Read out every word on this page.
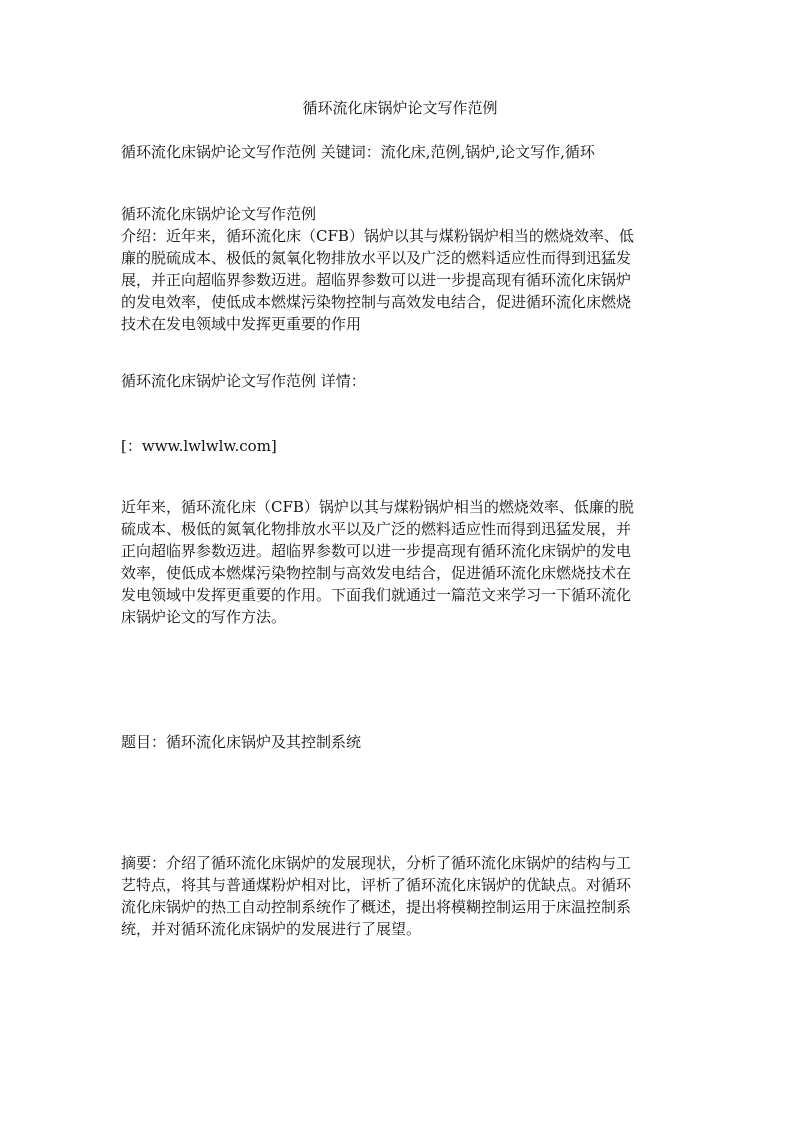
循环流化床锅炉论文写作范例
循环流化床锅炉论文写作范例 关键词：流化床,范例,锅炉,论文写作,循环
循环流化床锅炉论文写作范例
介绍：近年来，循环流化床（CFB）锅炉以其与煤粉锅炉相当的燃烧效率、低
廉的脱硫成本、极低的氮氧化物排放水平以及广泛的燃料适应性而得到迅猛发
展，并正向超临界参数迈进。超临界参数可以进一步提高现有循环流化床锅炉
的发电效率，使低成本燃煤污染物控制与高效发电结合，促进循环流化床燃烧
技术在发电领域中发挥更重要的作用
循环流化床锅炉论文写作范例 详情：
[：www.lwlwlw.com]
近年来，循环流化床（CFB）锅炉以其与煤粉锅炉相当的燃烧效率、低廉的脱
硫成本、极低的氮氧化物排放水平以及广泛的燃料适应性而得到迅猛发展，并
正向超临界参数迈进。超临界参数可以进一步提高现有循环流化床锅炉的发电
效率，使低成本燃煤污染物控制与高效发电结合，促进循环流化床燃烧技术在
发电领域中发挥更重要的作用。下面我们就通过一篇范文来学习一下循环流化
床锅炉论文的写作方法。
题目：循环流化床锅炉及其控制系统
摘要：介绍了循环流化床锅炉的发展现状，分析了循环流化床锅炉的结构与工
艺特点，将其与普通煤粉炉相对比，评析了循环流化床锅炉的优缺点。对循环
流化床锅炉的热工自动控制系统作了概述，提出将模糊控制运用于床温控制系
统，并对循环流化床锅炉的发展进行了展望。
